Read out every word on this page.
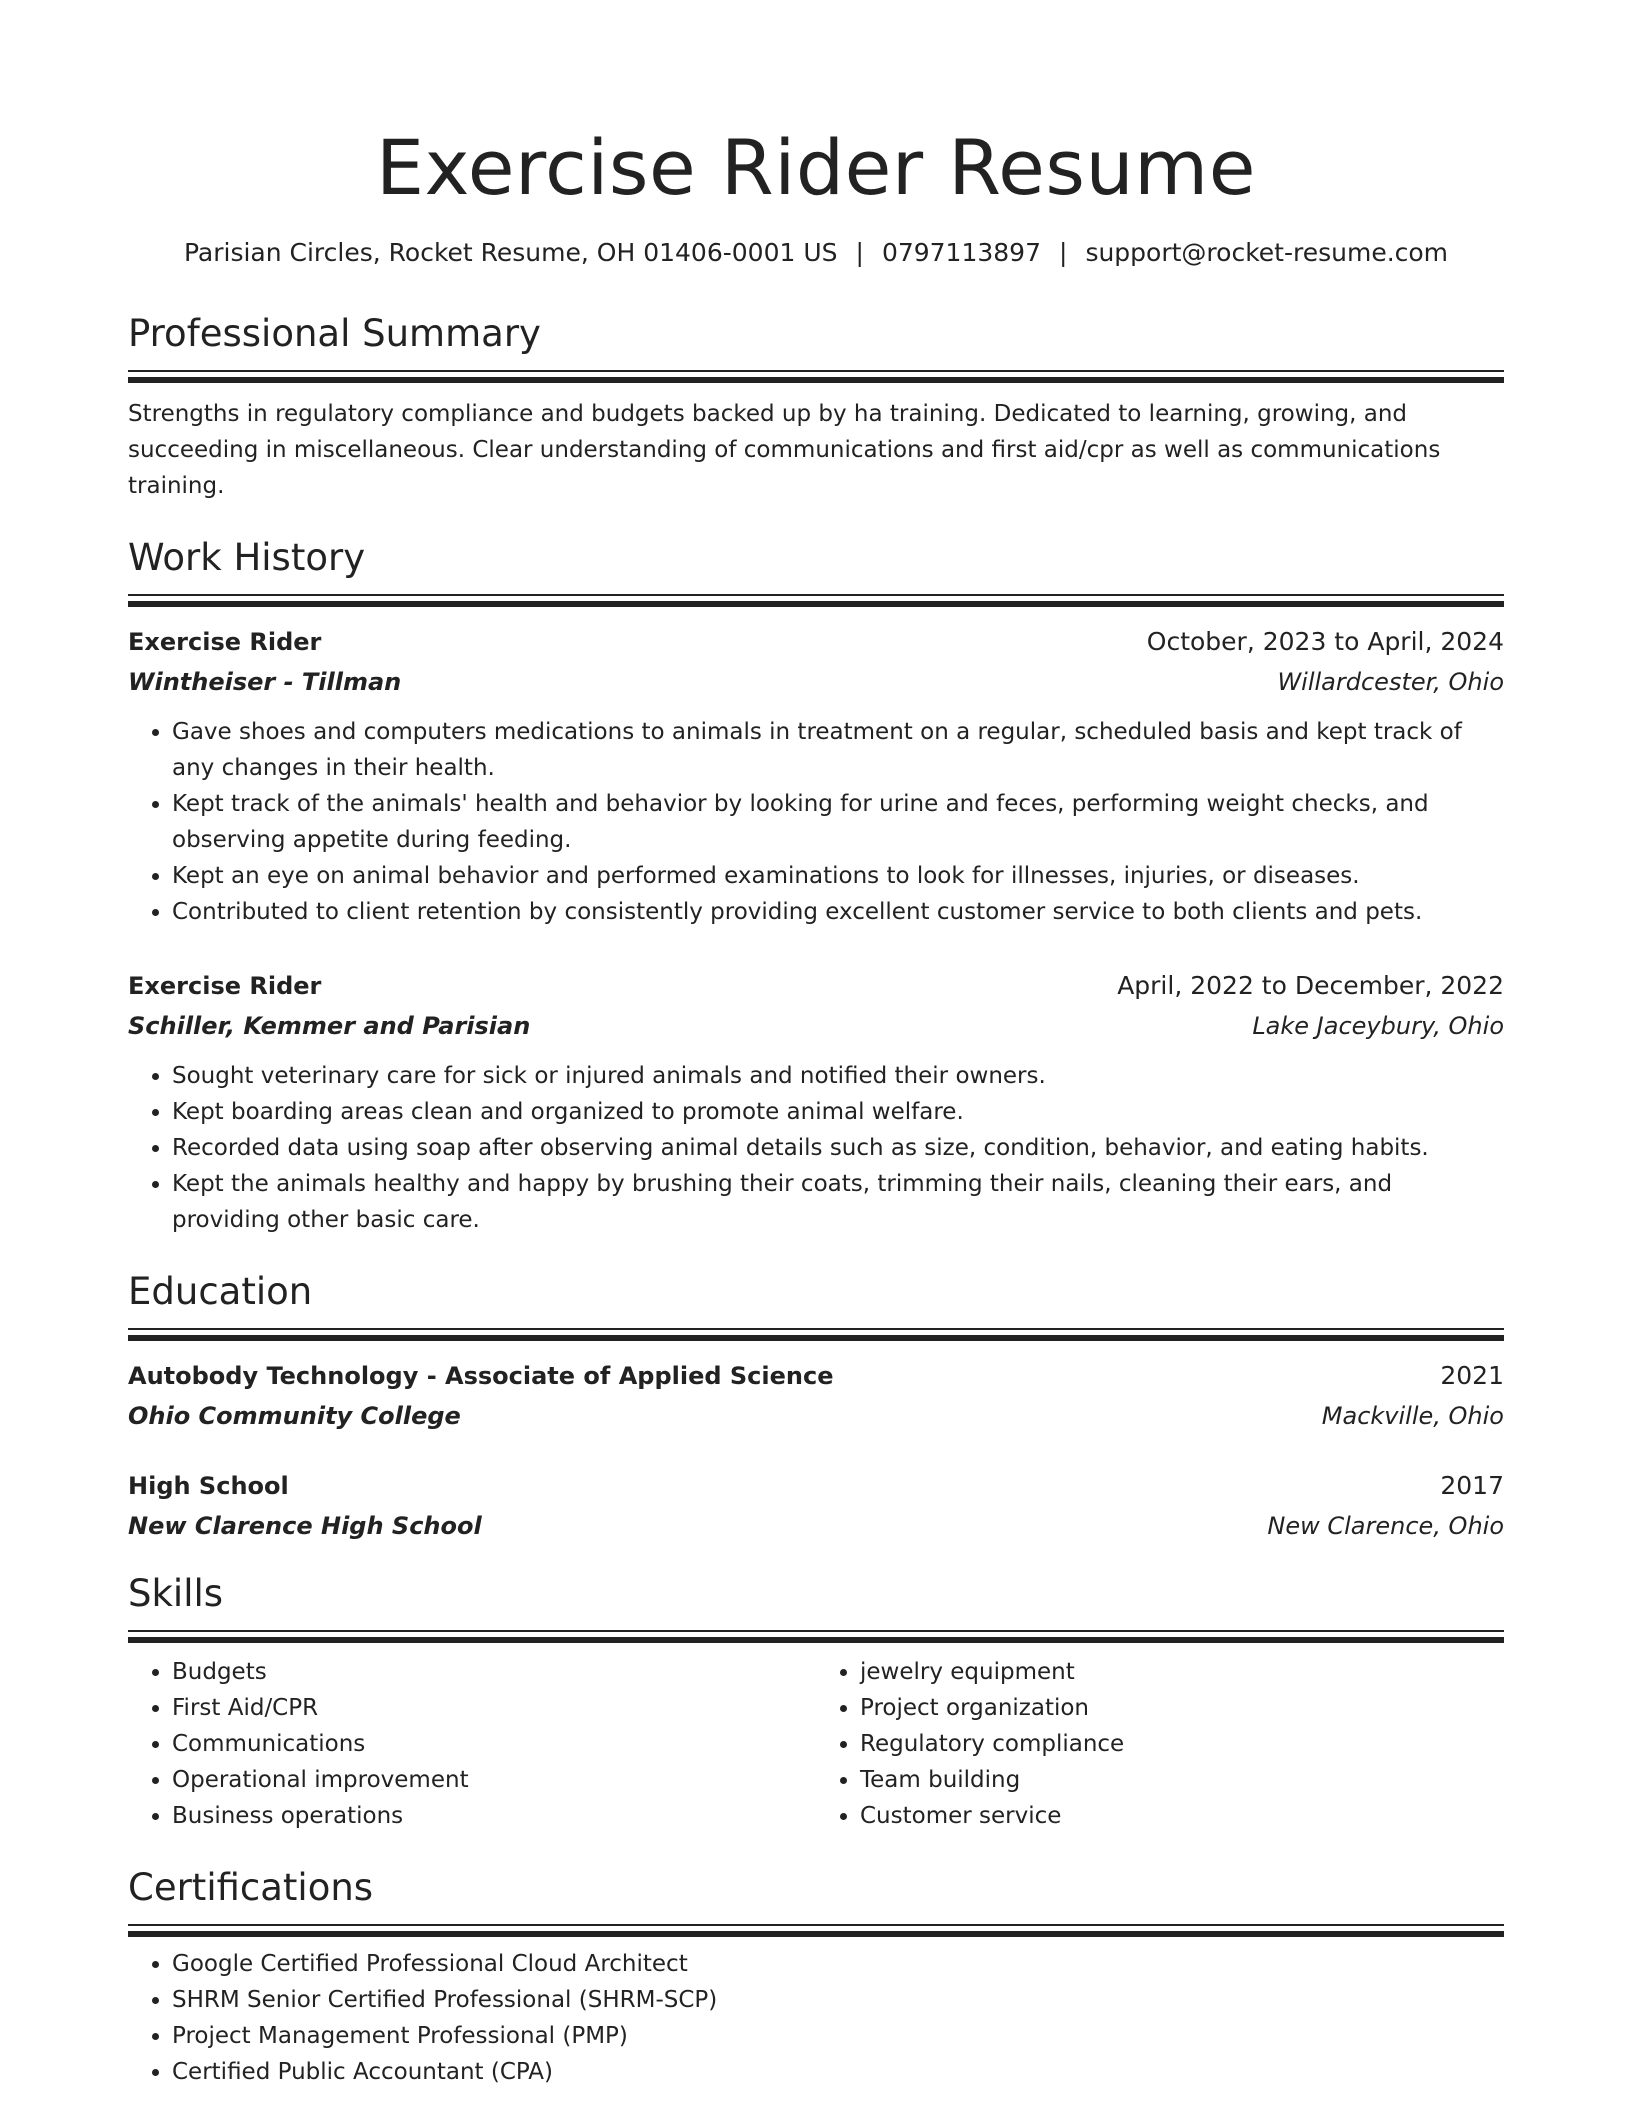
Exercise Rider Resume
Parisian Circles, Rocket Resume, OH 01406-0001 US | 0797113897 | support@rocket-resume.com
Professional Summary
Strengths in regulatory compliance and budgets backed up by ha training. Dedicated to learning, growing, and succeeding in miscellaneous. Clear understanding of communications and first aid/cpr as well as communications training.
Work History
Exercise Rider	October, 2023 to April, 2024
Wintheiser - Tillman	Willardcester, Ohio
• Gave shoes and computers medications to animals in treatment on a regular, scheduled basis and kept track of any changes in their health.
• Kept track of the animals' health and behavior by looking for urine and feces, performing weight checks, and observing appetite during feeding.
• Kept an eye on animal behavior and performed examinations to look for illnesses, injuries, or diseases.
• Contributed to client retention by consistently providing excellent customer service to both clients and pets.
Exercise Rider	April, 2022 to December, 2022
Schiller, Kemmer and Parisian	Lake Jaceybury, Ohio
• Sought veterinary care for sick or injured animals and notified their owners.
• Kept boarding areas clean and organized to promote animal welfare.
• Recorded data using soap after observing animal details such as size, condition, behavior, and eating habits.
• Kept the animals healthy and happy by brushing their coats, trimming their nails, cleaning their ears, and providing other basic care.
Education
Autobody Technology - Associate of Applied Science	2021
Ohio Community College	Mackville, Ohio
High School	2017
New Clarence High School	New Clarence, Ohio
Skills
• Budgets
• First Aid/CPR
• Communications
• Operational improvement
• Business operations
• jewelry equipment
• Project organization
• Regulatory compliance
• Team building
• Customer service
Certifications
• Google Certified Professional Cloud Architect
• SHRM Senior Certified Professional (SHRM-SCP)
• Project Management Professional (PMP)
• Certified Public Accountant (CPA)
